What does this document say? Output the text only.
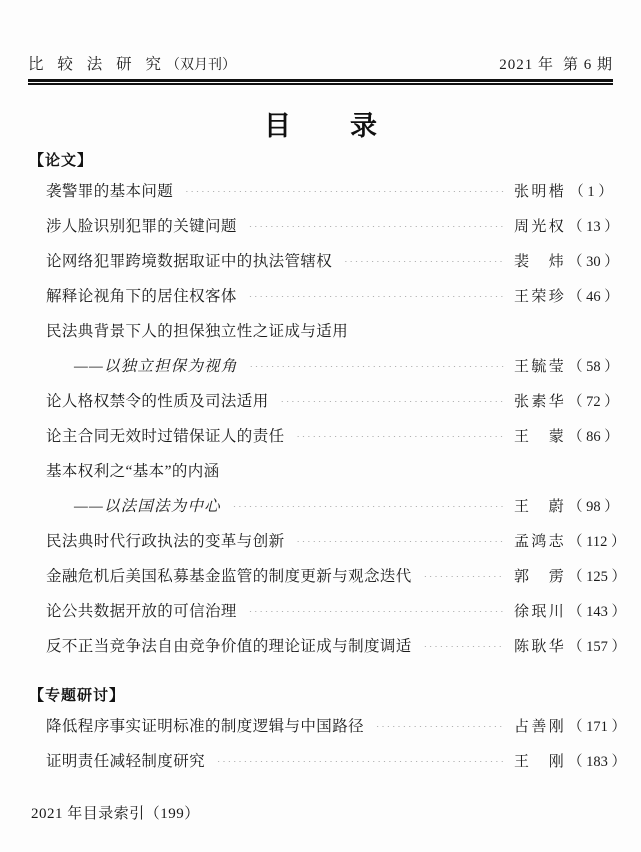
比 较 法 研 究（双月刊）	2021 年 第 6 期
目　录
【论文】
袭警罪的基本问题 .....	张明楷 （ 1 ）
涉人脸识别犯罪的关键问题 .....	周光权 （ 13 ）
论网络犯罪跨境数据取证中的执法管辖权 .....	裴　炜 （ 30 ）
解释论视角下的居住权客体 .....	王荣珍 （ 46 ）
民法典背景下人的担保独立性之证成与适用
——以独立担保为视角 .....	王毓莹 （ 58 ）
论人格权禁令的性质及司法适用 .....	张素华 （ 72 ）
论主合同无效时过错保证人的责任 .....	王　蒙 （ 86 ）
基本权利之“基本”的内涵
——以法国法为中心 .....	王　蔚 （ 98 ）
民法典时代行政执法的变革与创新 .....	孟鸿志 （ 112 ）
金融危机后美国私募基金监管的制度更新与观念迭代 .....	郭　雳 （ 125 ）
论公共数据开放的可信治理 .....	徐珉川 （ 143 ）
反不正当竞争法自由竞争价值的理论证成与制度调适 .....	陈耿华 （ 157 ）
【专题研讨】
降低程序事实证明标准的制度逻辑与中国路径 .....	占善刚 （ 171 ）
证明责任减轻制度研究 .....	王　刚 （ 183 ）
2021 年目录索引（199）
